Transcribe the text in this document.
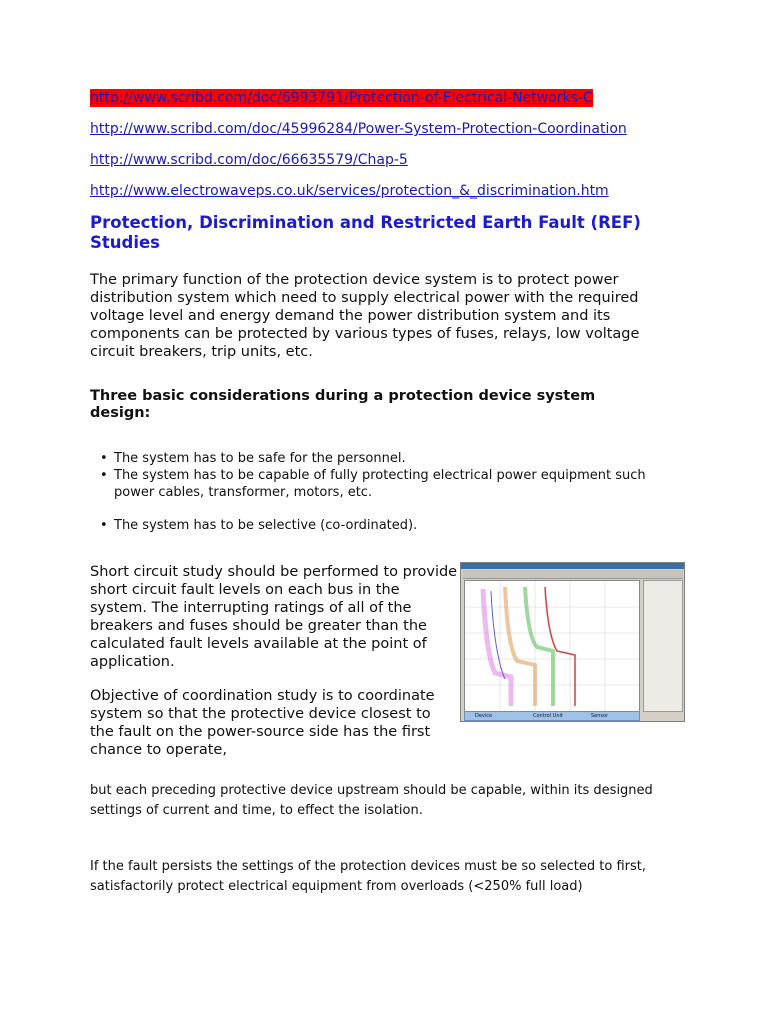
http://www.scribd.com/doc/6993791/Protection-of-Electrical-Networks-C
http://www.scribd.com/doc/45996284/Power-System-Protection-Coordination
http://www.scribd.com/doc/66635579/Chap-5
http://www.electrowaveps.co.uk/services/protection_&_discrimination.htm
Protection, Discrimination and Restricted Earth Fault (REF) Studies

The primary function of the protection device system is to protect power distribution system which need to supply electrical power with the required voltage level and energy demand the power distribution system and its components can be protected by various types of fuses, relays, low voltage circuit breakers, trip units, etc.

Three basic considerations during a protection device system design:
• The system has to be safe for the personnel.
• The system has to be capable of fully protecting electrical power equipment such power cables, transformer, motors, etc.
• The system has to be selective (co-ordinated).

Short circuit study should be performed to provide short circuit fault levels on each bus in the system. The interrupting ratings of all of the breakers and fuses should be greater than the calculated fault levels available at the point of application.

Device	Control Unit	Sensor

Objective of coordination study is to coordinate system so that the protective device closest to the fault on the power-source side has the first chance to operate,

but each preceding protective device upstream should be capable, within its designed settings of current and time, to effect the isolation.

If the fault persists the settings of the protection devices must be so selected to first, satisfactorily protect electrical equipment from overloads (<250% full load)
